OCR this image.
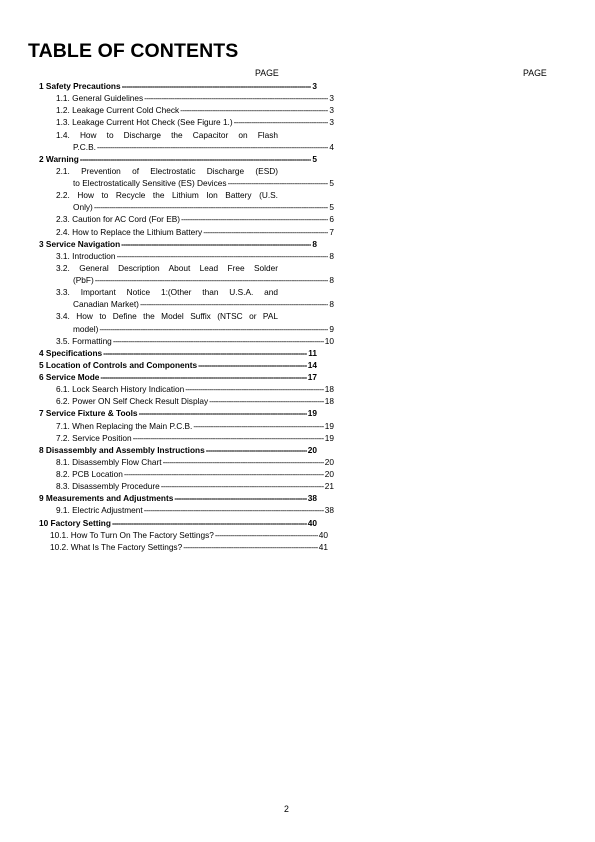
TABLE OF CONTENTS
PAGE	PAGE
1 Safety Precautions -----	3
1.1. General Guidelines -----	3
1.2. Leakage Current Cold Check -----	3
1.3. Leakage Current Hot Check (See Figure 1.) -----	3
1.4. How to Discharge the Capacitor on Flash
P.C.B. -----	4
2 Warning -----	5
2.1. Prevention of Electrostatic Discharge (ESD)
to Electrostatically Sensitive (ES) Devices -----	5
2.2. How to Recycle the Lithium Ion Battery (U.S.
Only) -----	5
2.3. Caution for AC Cord (For EB) -----	6
2.4. How to Replace the Lithium Battery -----	7
3 Service Navigation -----	8
3.1. Introduction -----	8
3.2. General Description About Lead Free Solder
(PbF) -----	8
3.3. Important Notice 1:(Other than U.S.A. and
Canadian Market) -----	8
3.4. How to Define the Model Suffix (NTSC or PAL
model) -----	9
3.5. Formatting -----	10
4 Specifications -----	11
5 Location of Controls and Components -----	14
6 Service Mode -----	17
6.1. Lock Search History Indication -----	18
6.2. Power ON Self Check Result Display -----	18
7 Service Fixture & Tools -----	19
7.1. When Replacing the Main P.C.B. -----	19
7.2. Service Position -----	19
8 Disassembly and Assembly Instructions -----	20
8.1. Disassembly Flow Chart -----	20
8.2. PCB Location -----	20
8.3. Disassembly Procedure -----	21
9 Measurements and Adjustments -----	38
9.1. Electric Adjustment -----	38
10 Factory Setting -----	40
10.1. How To Turn On The Factory Settings? -----	40
10.2. What Is The Factory Settings? -----	41
2
